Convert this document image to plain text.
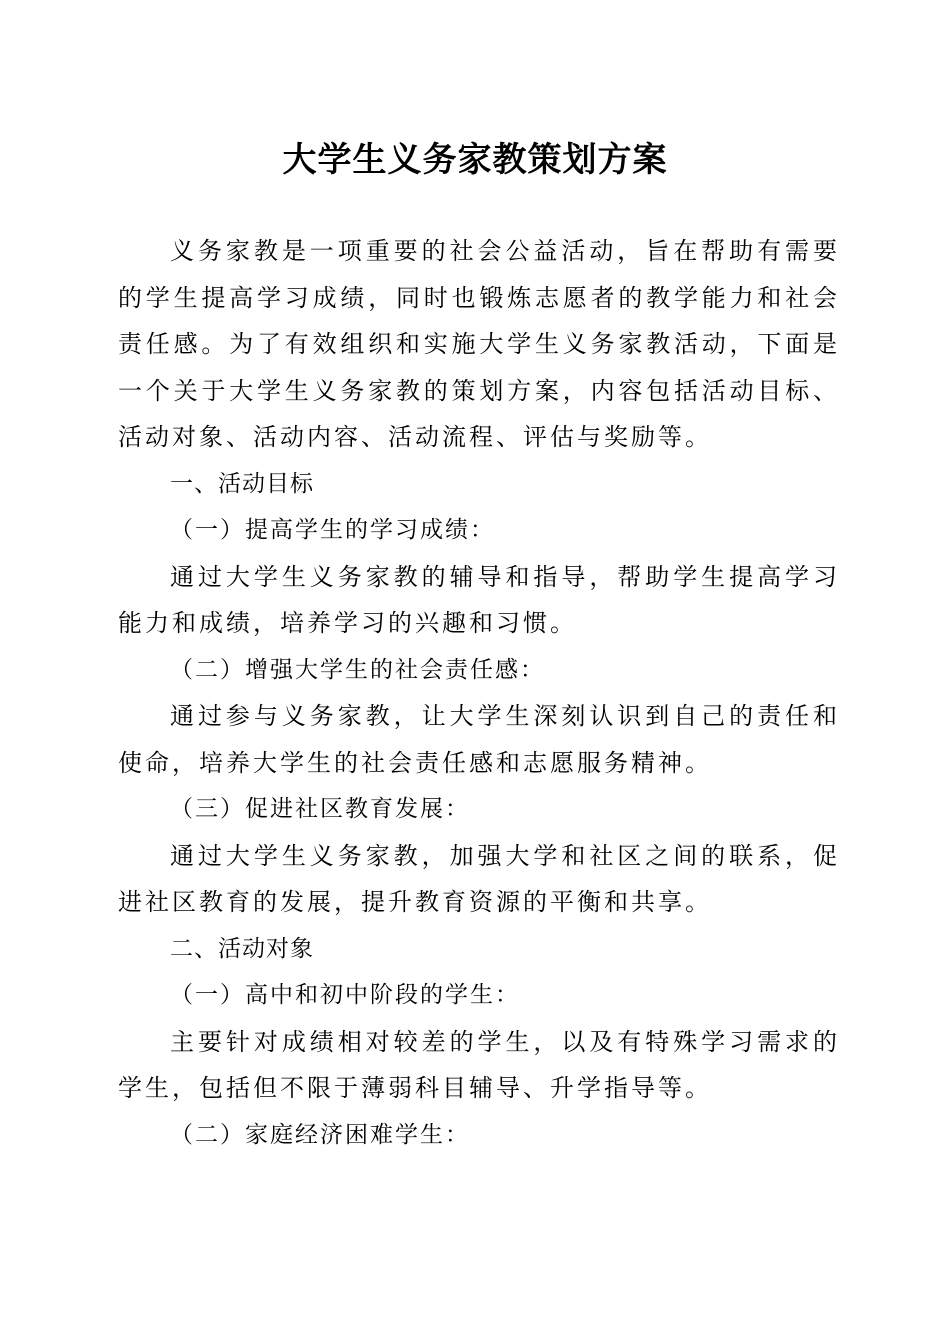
大学生义务家教策划方案

义务家教是一项重要的社会公益活动，旨在帮助有需要的学生提高学习成绩，同时也锻炼志愿者的教学能力和社会责任感。为了有效组织和实施大学生义务家教活动，下面是一个关于大学生义务家教的策划方案，内容包括活动目标、活动对象、活动内容、活动流程、评估与奖励等。

一、活动目标

（一）提高学生的学习成绩：

通过大学生义务家教的辅导和指导，帮助学生提高学习能力和成绩，培养学习的兴趣和习惯。

（二）增强大学生的社会责任感：

通过参与义务家教，让大学生深刻认识到自己的责任和使命，培养大学生的社会责任感和志愿服务精神。

（三）促进社区教育发展：

通过大学生义务家教，加强大学和社区之间的联系，促进社区教育的发展，提升教育资源的平衡和共享。

二、活动对象

（一）高中和初中阶段的学生：

主要针对成绩相对较差的学生，以及有特殊学习需求的学生，包括但不限于薄弱科目辅导、升学指导等。

（二）家庭经济困难学生：
